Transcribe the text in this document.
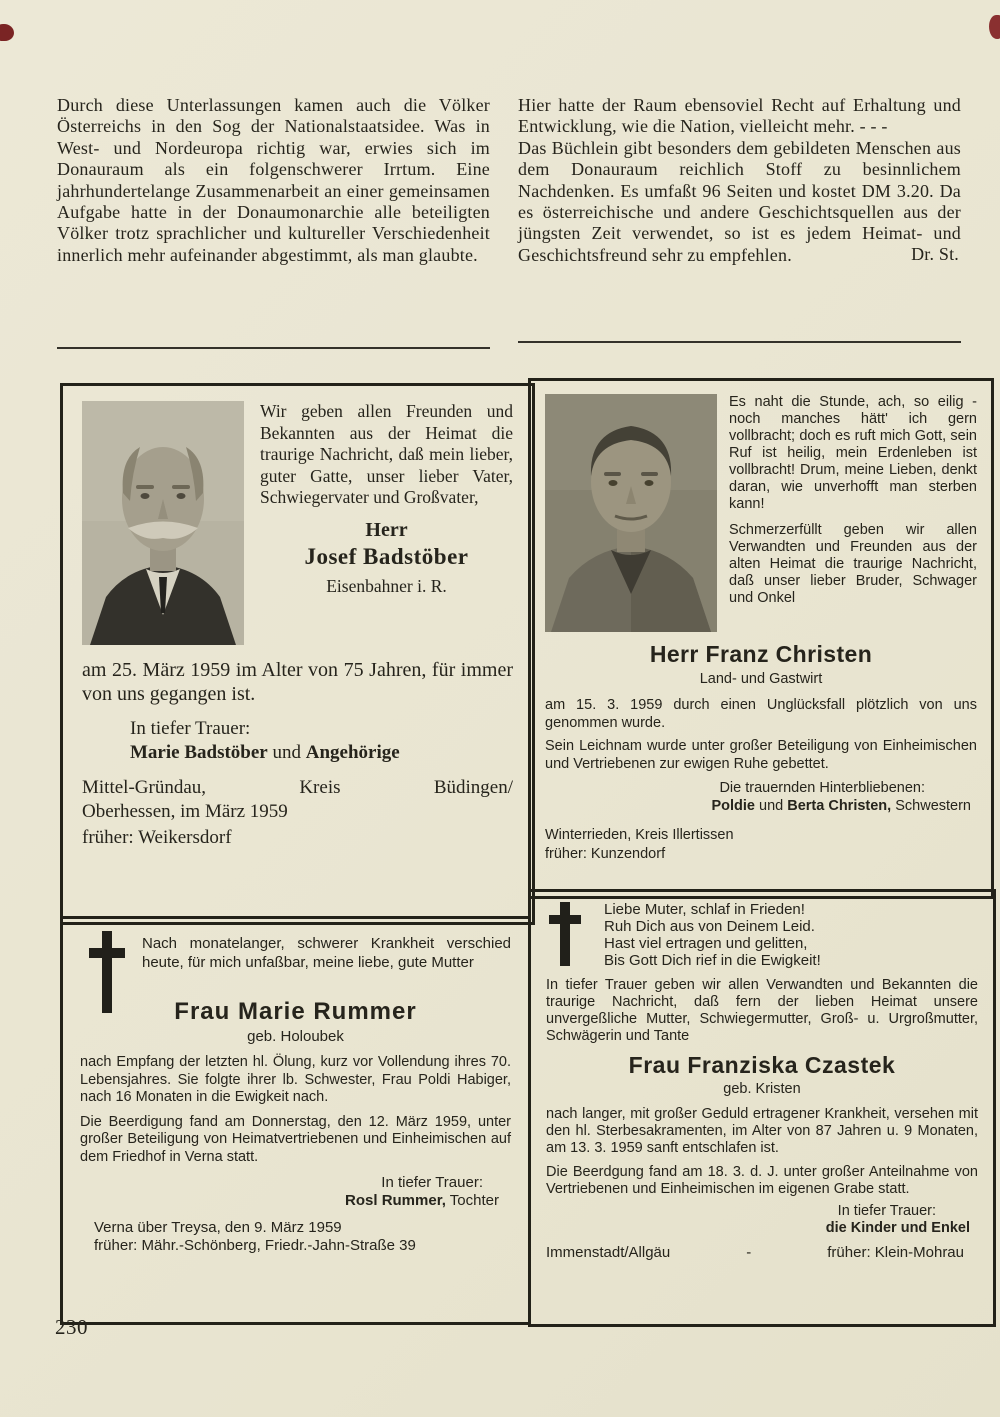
Durch diese Unterlassungen kamen auch die Völker Österreichs in den Sog der Nationalstaatsidee. Was in West- und Nordeuropa richtig war, erwies sich im Donauraum als ein folgenschwerer Irrtum. Eine jahrhundertelange Zusammenarbeit an einer gemeinsamen Aufgabe hatte in der Donaumonarchie alle beteiligten Völker trotz sprachlicher und kultureller Verschiedenheit innerlich mehr aufeinander abgestimmt, als man glaubte.

Hier hatte der Raum ebensoviel Recht auf Erhaltung und Entwicklung, wie die Nation, vielleicht mehr. - - -

Das Büchlein gibt besonders dem gebildeten Menschen aus dem Donauraum reichlich Stoff zu besinnlichem Nachdenken. Es umfaßt 96 Seiten und kostet DM 3.20. Da es österreichische und andere Geschichtsquellen aus der jüngsten Zeit verwendet, so ist es jedem Heimat- und Geschichtsfreund sehr zu empfehlen.	Dr. St.

Wir geben allen Freunden und Bekannten aus der Heimat die traurige Nachricht, daß mein lieber, guter Gatte, unser lieber Vater, Schwiegervater und Großvater,

Herr

Josef Badstöber

Eisenbahner i. R.

am 25. März 1959 im Alter von 75 Jahren, für immer von uns gegangen ist.

In tiefer Trauer:

Marie Badstöber und Angehörige

Mittel-Gründau, Kreis Büdingen/

Oberhessen, im März 1959

früher: Weikersdorf

Es naht die Stunde, ach, so eilig - noch manches hätt' ich gern vollbracht; doch es ruft mich Gott, sein Ruf ist heilig, mein Erdenleben ist vollbracht! Drum, meine Lieben, denkt daran, wie unverhofft man sterben kann!

Schmerzerfüllt geben wir allen Verwandten und Freunden aus der alten Heimat die traurige Nachricht, daß unser lieber Bruder, Schwager und Onkel

Herr Franz Christen

Land- und Gastwirt

am 15. 3. 1959 durch einen Unglücksfall plötzlich von uns genommen wurde.

Sein Leichnam wurde unter großer Beteiligung von Einheimischen und Vertriebenen zur ewigen Ruhe gebettet.

Die trauernden Hinterbliebenen:

Poldie und Berta Christen, Schwestern

Winterrieden, Kreis Illertissen

früher: Kunzendorf

Nach monatelanger, schwerer Krankheit verschied heute, für mich unfaßbar, meine liebe, gute Mutter

Frau Marie Rummer

geb. Holoubek

nach Empfang der letzten hl. Ölung, kurz vor Vollendung ihres 70. Lebensjahres. Sie folgte ihrer lb. Schwester, Frau Poldi Habiger, nach 16 Monaten in die Ewigkeit nach.

Die Beerdigung fand am Donnerstag, den 12. März 1959, unter großer Beteiligung von Heimatvertriebenen und Einheimischen auf dem Friedhof in Verna statt.

In tiefer Trauer:

Rosl Rummer, Tochter

Verna über Treysa, den 9. März 1959

früher: Mähr.-Schönberg, Friedr.-Jahn-Straße 39

Liebe Muter, schlaf in Frieden!

Ruh Dich aus von Deinem Leid.

Hast viel ertragen und gelitten,

Bis Gott Dich rief in die Ewigkeit!

In tiefer Trauer geben wir allen Verwandten und Bekannten die traurige Nachricht, daß fern der lieben Heimat unsere unvergeßliche Mutter, Schwiegermutter, Groß- u. Urgroßmutter, Schwägerin und Tante

Frau Franziska Czastek

geb. Kristen

nach langer, mit großer Geduld ertragener Krankheit, versehen mit den hl. Sterbesakramenten, im Alter von 87 Jahren u. 9 Monaten, am 13. 3. 1959 sanft entschlafen ist.

Die Beerdgung fand am 18. 3. d. J. unter großer Anteilnahme von Vertriebenen und Einheimischen im eigenen Grabe statt.

In tiefer Trauer:

die Kinder und Enkel

Immenstadt/Allgäu	-	früher: Klein-Mohrau
230
